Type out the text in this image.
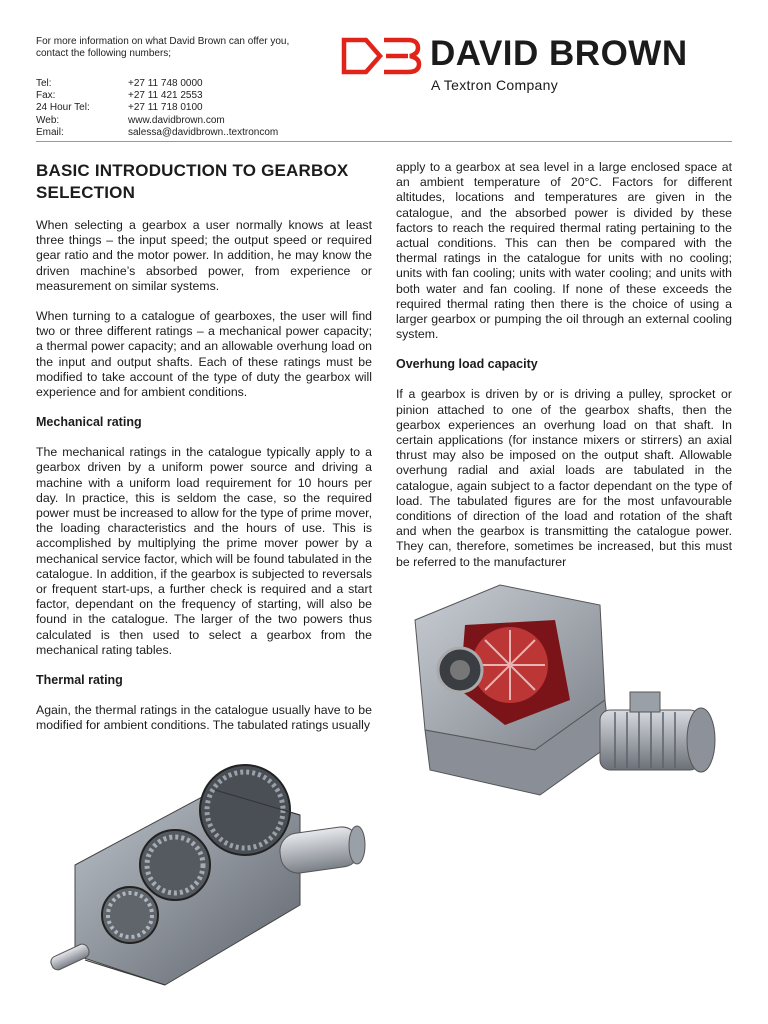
For more information on what David Brown can offer you, contact the following numbers;
Tel:	+27 11 748 0000
Fax:	+27 11 421 2553
24 Hour Tel:	+27 11 718 0100
Web:	www.davidbrown.com
Email:	salessa@davidbrown..textroncom
DAVID BROWN
A Textron Company
BASIC INTRODUCTION TO GEARBOX SELECTION

When selecting a gearbox a user normally knows at least three things – the input speed; the output speed or required gear ratio and the motor power. In addition, he may know the driven machine’s absorbed power, from experience or measurement on similar systems.

When turning to a catalogue of gearboxes, the user will find two or three different ratings – a mechanical power capacity; a thermal power capacity; and an allowable overhung load on the input and output shafts. Each of these ratings must be modified to take account of the type of duty the gearbox will experience and for ambient conditions.

Mechanical rating

The mechanical ratings in the catalogue typically apply to a gearbox driven by a uniform power source and driving a machine with a uniform load requirement for 10 hours per day. In practice, this is seldom the case, so the required power must be increased to allow for the type of prime mover, the loading characteristics and the hours of use. This is accomplished by multiplying the prime mover power by a mechanical service factor, which will be found tabulated in the catalogue. In addition, if the gearbox is subjected to reversals or frequent start-ups, a further check is required and a start factor, dependant on the frequency of starting, will also be found in the catalogue. The larger of the two powers thus calculated is then used to select a gearbox from the mechanical rating tables.

Thermal rating

Again, the thermal ratings in the catalogue usually have to be modified for ambient conditions. The tabulated ratings usually

apply to a gearbox at sea level in a large enclosed space at an ambient temperature of 20°C. Factors for different altitudes, locations and temperatures are given in the catalogue, and the absorbed power is divided by these factors to reach the required thermal rating pertaining to the actual conditions. This can then be compared with the thermal ratings in the catalogue for units with no cooling; units with fan cooling; units with water cooling; and units with both water and fan cooling. If none of these exceeds the required thermal rating then there is the choice of using a larger gearbox or pumping the oil through an external cooling system.

Overhung load capacity

If a gearbox is driven by or is driving a pulley, sprocket or pinion attached to one of the gearbox shafts, then the gearbox experiences an overhung load on that shaft. In certain applications (for instance mixers or stirrers) an axial thrust may also be imposed on the output shaft. Allowable overhung radial and axial loads are tabulated in the catalogue, again subject to a factor dependant on the type of load. The tabulated figures are for the most unfavourable conditions of direction of the load and rotation of the shaft and when the gearbox is transmitting the catalogue power. They can, therefore, sometimes be increased, but this must be referred to the manufacturer
